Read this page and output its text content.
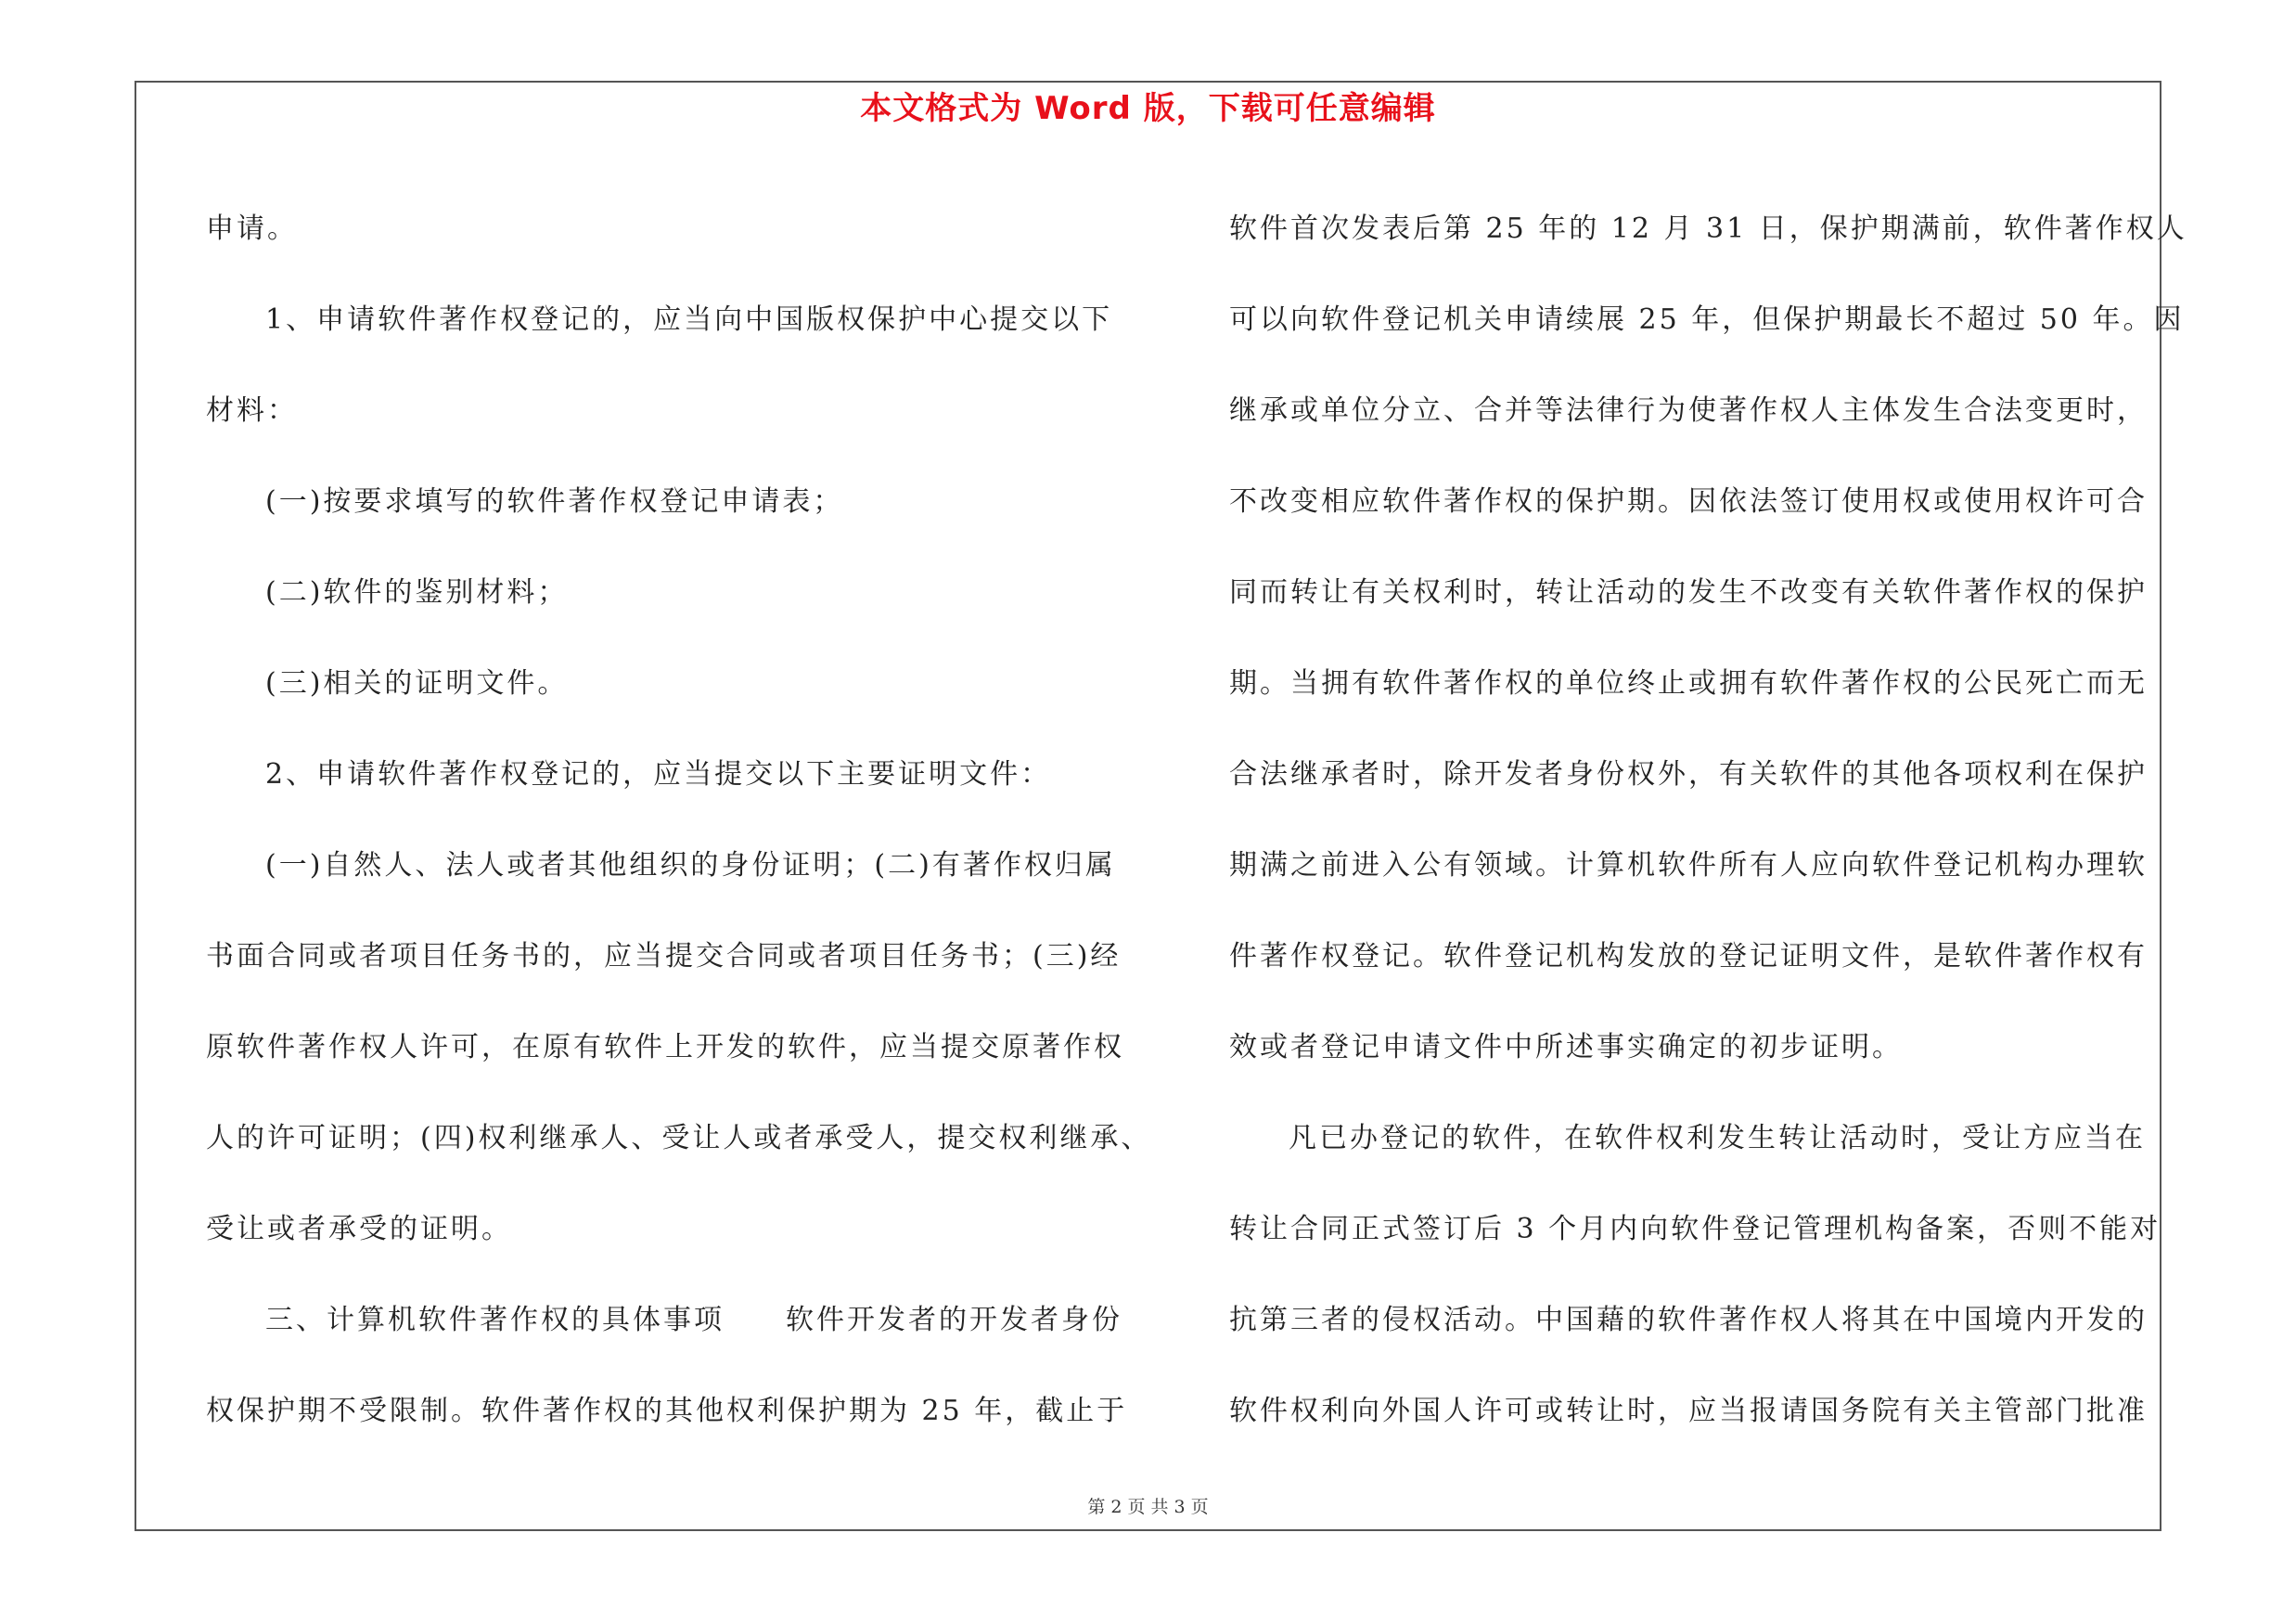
本文格式为 Word 版，下载可任意编辑
申请。
1、申请软件著作权登记的，应当向中国版权保护中心提交以下
材料：
(一)按要求填写的软件著作权登记申请表；
(二)软件的鉴别材料；
(三)相关的证明文件。
2、申请软件著作权登记的，应当提交以下主要证明文件：
(一)自然人、法人或者其他组织的身份证明；(二)有著作权归属
书面合同或者项目任务书的，应当提交合同或者项目任务书；(三)经
原软件著作权人许可，在原有软件上开发的软件，应当提交原著作权
人的许可证明；(四)权利继承人、受让人或者承受人，提交权利继承、
受让或者承受的证明。
三、计算机软件著作权的具体事项　　软件开发者的开发者身份
权保护期不受限制。软件著作权的其他权利保护期为 25 年，截止于
软件首次发表后第 25 年的 12 月 31 日，保护期满前，软件著作权人
可以向软件登记机关申请续展 25 年，但保护期最长不超过 50 年。因
继承或单位分立、合并等法律行为使著作权人主体发生合法变更时，
不改变相应软件著作权的保护期。因依法签订使用权或使用权许可合
同而转让有关权利时，转让活动的发生不改变有关软件著作权的保护
期。当拥有软件著作权的单位终止或拥有软件著作权的公民死亡而无
合法继承者时，除开发者身份权外，有关软件的其他各项权利在保护
期满之前进入公有领域。计算机软件所有人应向软件登记机构办理软
件著作权登记。软件登记机构发放的登记证明文件，是软件著作权有
效或者登记申请文件中所述事实确定的初步证明。
凡已办登记的软件，在软件权利发生转让活动时，受让方应当在
转让合同正式签订后 3 个月内向软件登记管理机构备案，否则不能对
抗第三者的侵权活动。中国藉的软件著作权人将其在中国境内开发的
软件权利向外国人许可或转让时，应当报请国务院有关主管部门批准
第 2 页 共 3 页
